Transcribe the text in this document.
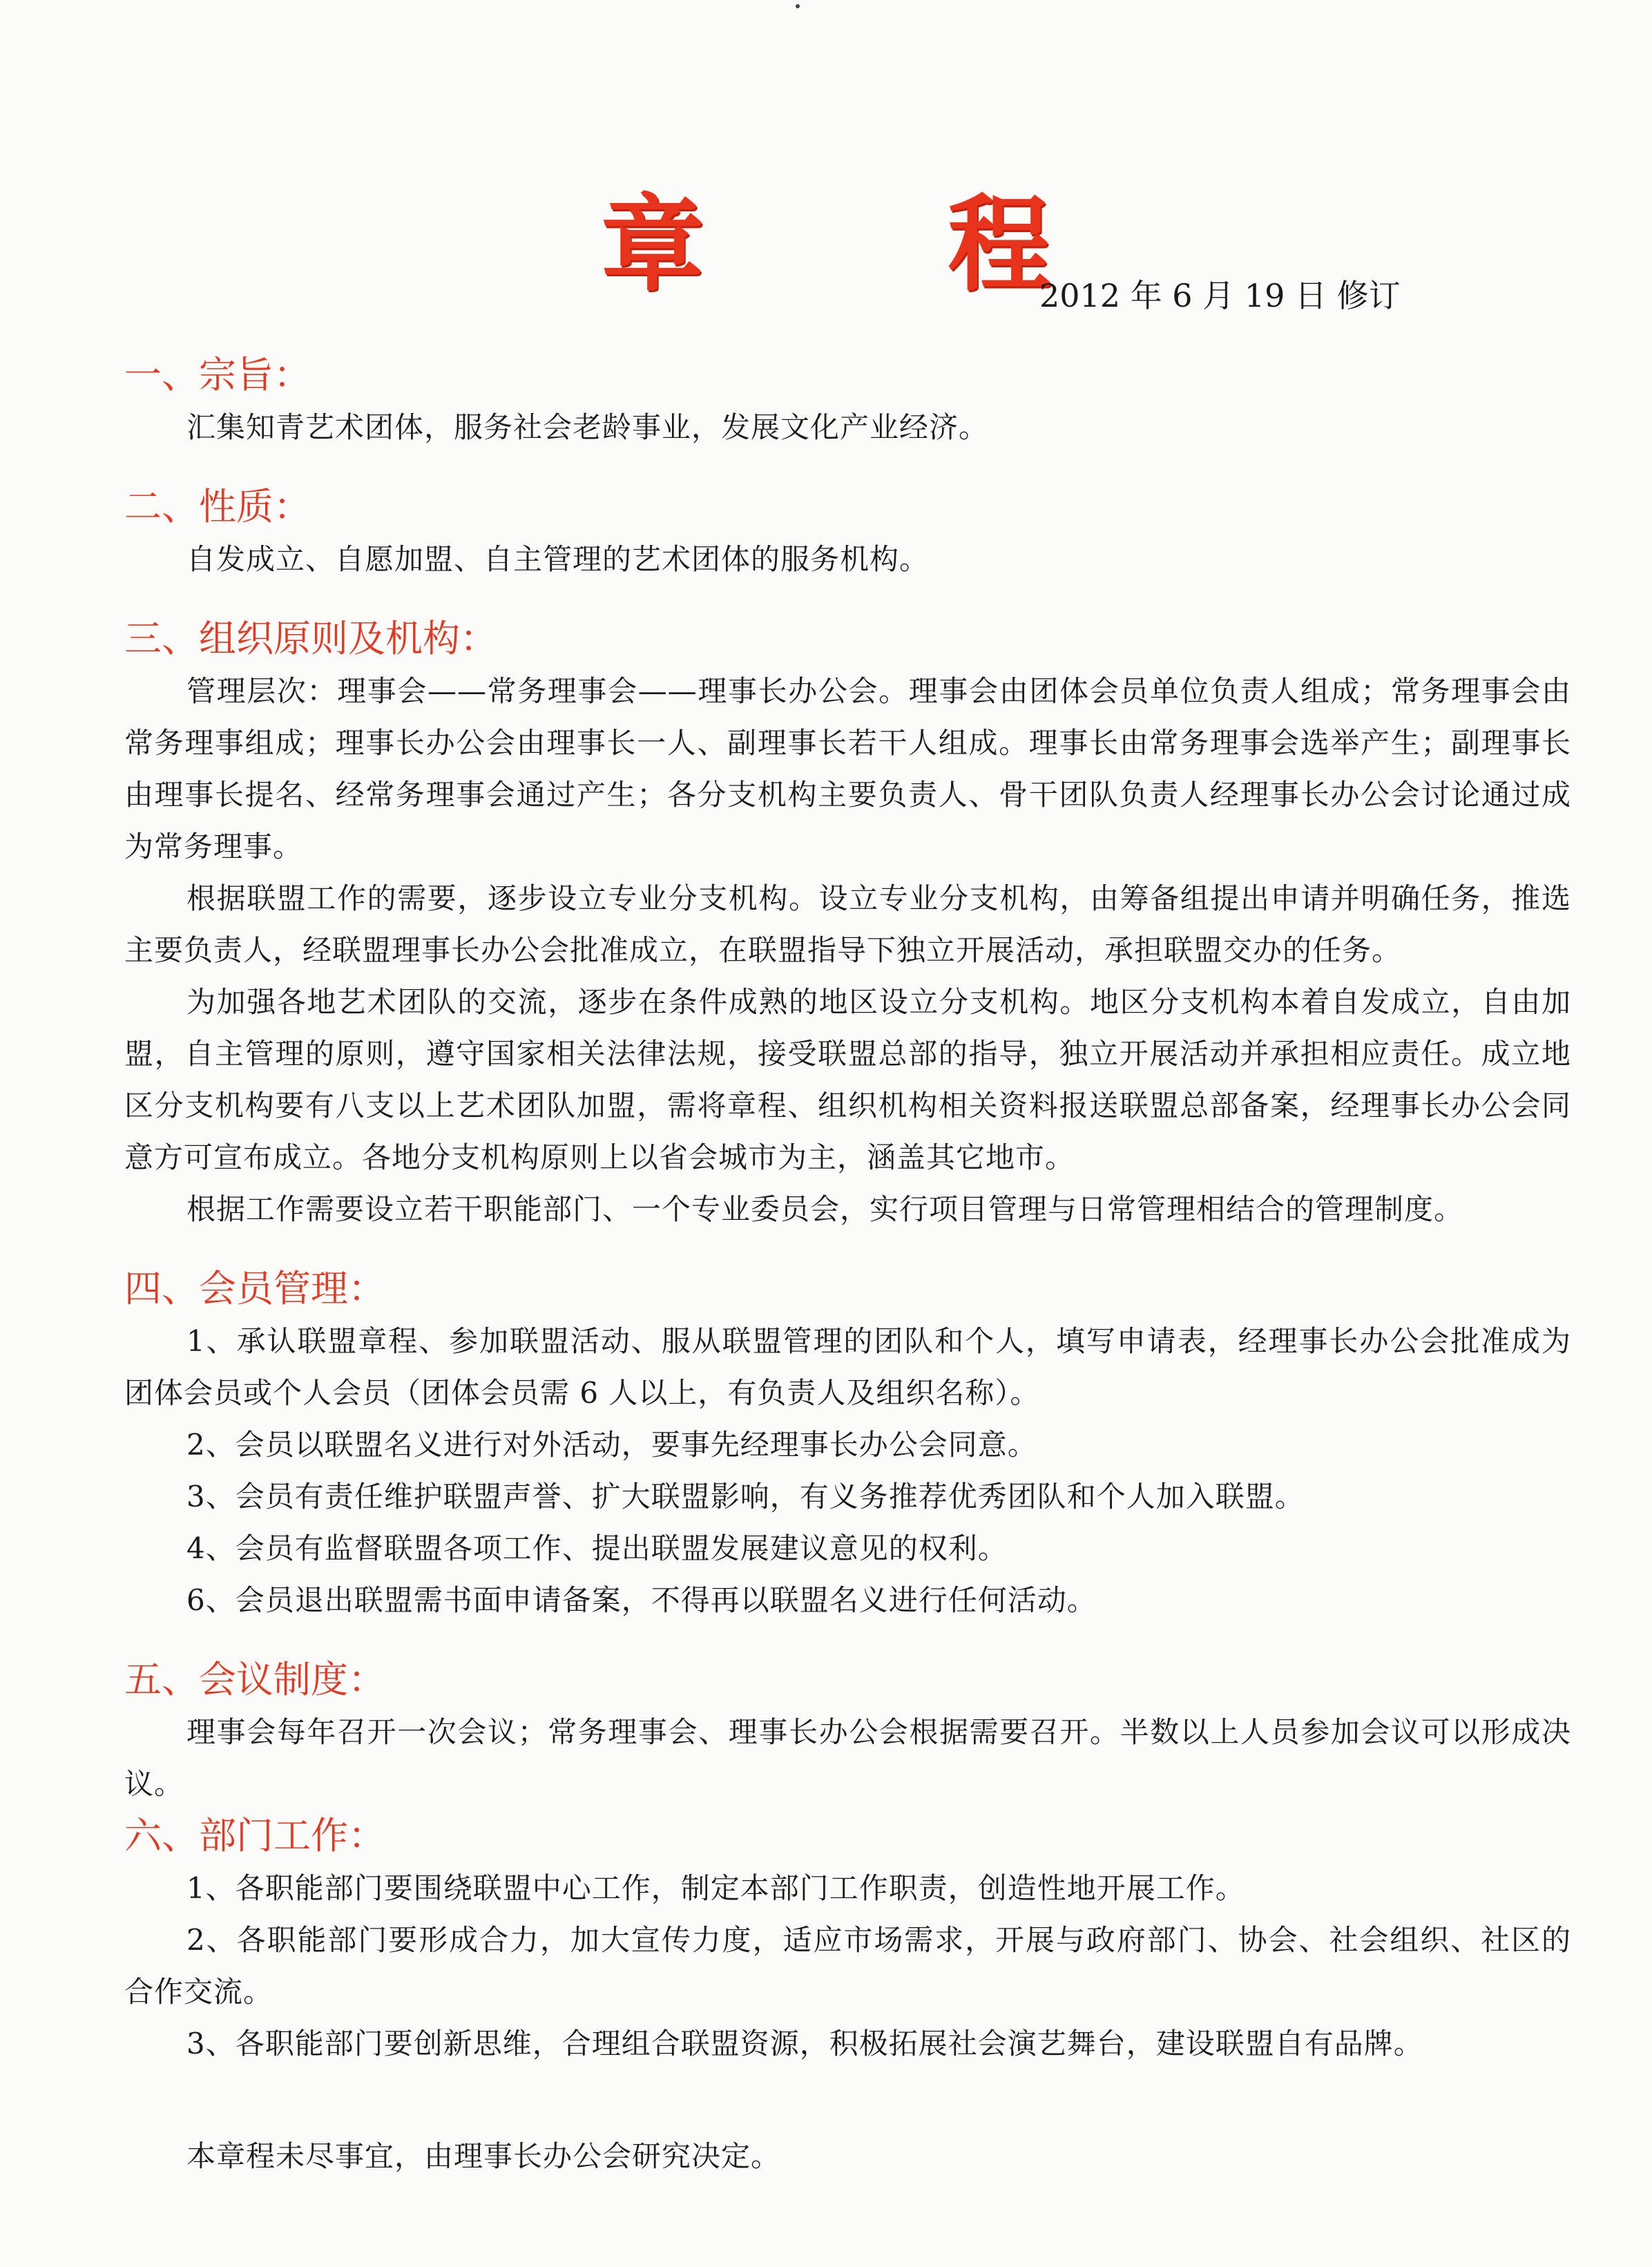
章 程
2012 年 6 月 19 日 修订

一、宗旨：

汇集知青艺术团体，服务社会老龄事业，发展文化产业经济。

二、性质：

自发成立、自愿加盟、自主管理的艺术团体的服务机构。

三、组织原则及机构：

管理层次：理事会——常务理事会——理事长办公会。理事会由团体会员单位负责人组成；常务理事会由常务理事组成；理事长办公会由理事长一人、副理事长若干人组成。理事长由常务理事会选举产生；副理事长由理事长提名、经常务理事会通过产生；各分支机构主要负责人、骨干团队负责人经理事长办公会讨论通过成为常务理事。

根据联盟工作的需要，逐步设立专业分支机构。设立专业分支机构，由筹备组提出申请并明确任务，推选主要负责人，经联盟理事长办公会批准成立，在联盟指导下独立开展活动，承担联盟交办的任务。

为加强各地艺术团队的交流，逐步在条件成熟的地区设立分支机构。地区分支机构本着自发成立，自由加盟，自主管理的原则，遵守国家相关法律法规，接受联盟总部的指导，独立开展活动并承担相应责任。成立地区分支机构要有八支以上艺术团队加盟，需将章程、组织机构相关资料报送联盟总部备案，经理事长办公会同意方可宣布成立。各地分支机构原则上以省会城市为主，涵盖其它地市。

根据工作需要设立若干职能部门、一个专业委员会，实行项目管理与日常管理相结合的管理制度。

四、会员管理：

1、承认联盟章程、参加联盟活动、服从联盟管理的团队和个人，填写申请表，经理事长办公会批准成为团体会员或个人会员（团体会员需 6 人以上，有负责人及组织名称）。

2、会员以联盟名义进行对外活动，要事先经理事长办公会同意。

3、会员有责任维护联盟声誉、扩大联盟影响，有义务推荐优秀团队和个人加入联盟。

4、会员有监督联盟各项工作、提出联盟发展建议意见的权利。

6、会员退出联盟需书面申请备案，不得再以联盟名义进行任何活动。

五、会议制度：

理事会每年召开一次会议；常务理事会、理事长办公会根据需要召开。半数以上人员参加会议可以形成决议。

六、部门工作：

1、各职能部门要围绕联盟中心工作，制定本部门工作职责，创造性地开展工作。

2、各职能部门要形成合力，加大宣传力度，适应市场需求，开展与政府部门、协会、社会组织、社区的合作交流。

3、各职能部门要创新思维，合理组合联盟资源，积极拓展社会演艺舞台，建设联盟自有品牌。

本章程未尽事宜，由理事长办公会研究决定。
